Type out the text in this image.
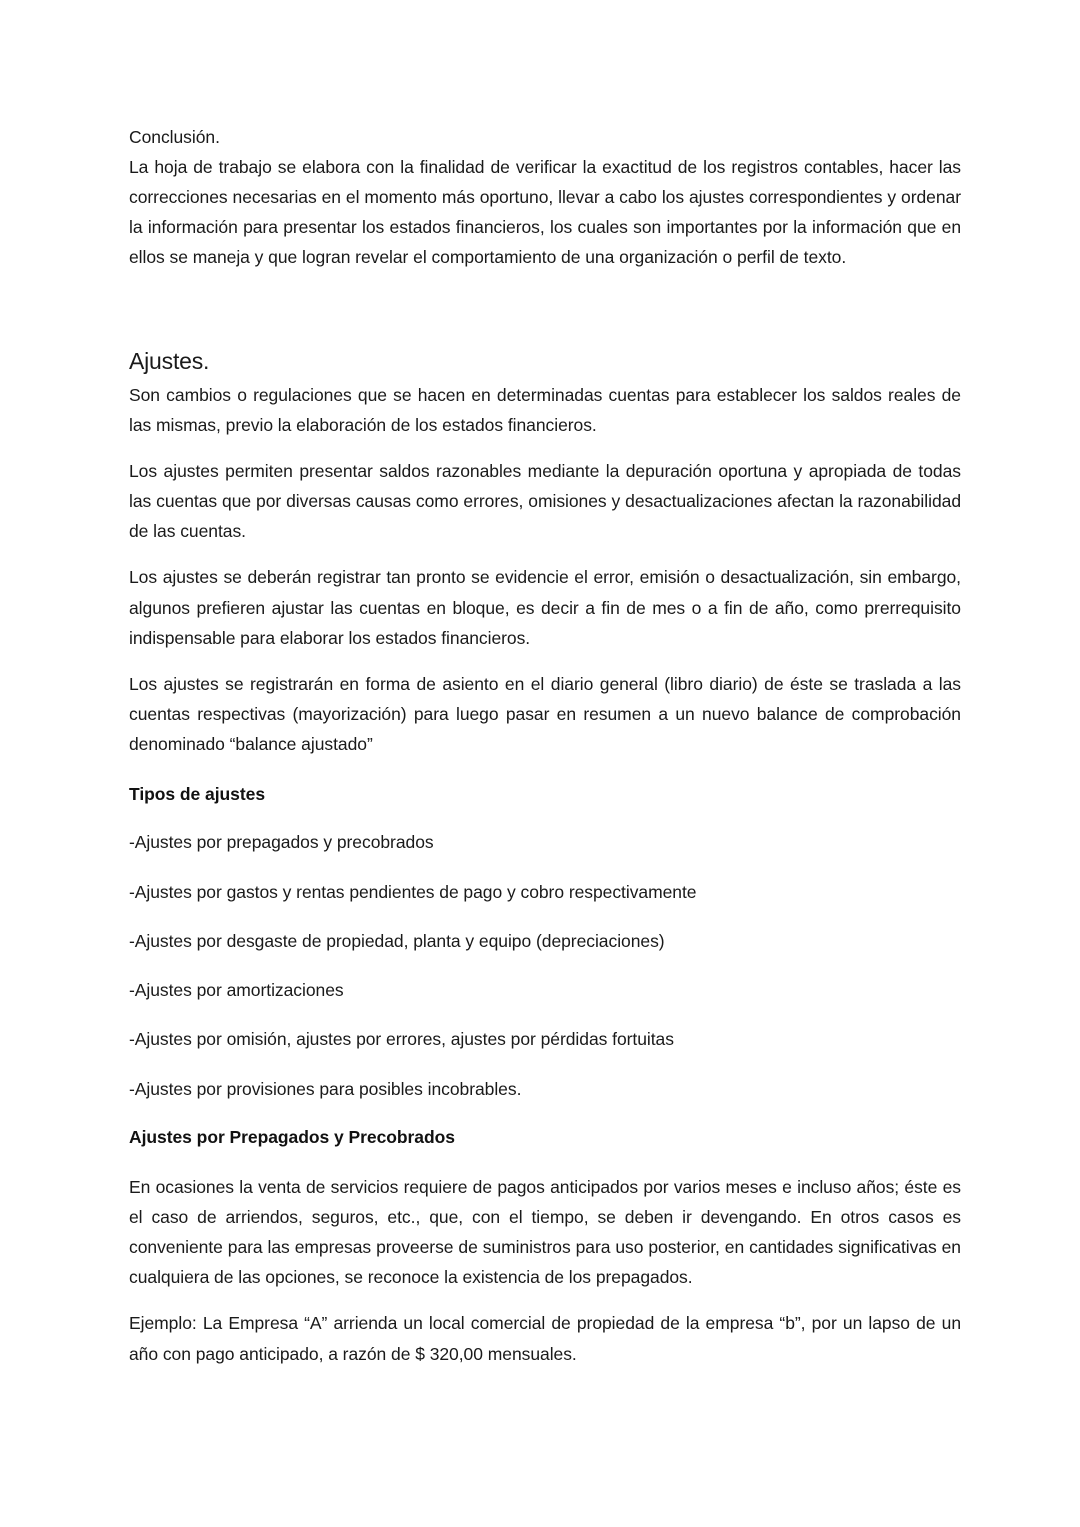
Conclusión.

La hoja de trabajo se elabora con la finalidad de verificar la exactitud de los registros contables, hacer las correcciones necesarias en el momento más oportuno, llevar a cabo los ajustes correspondientes y ordenar la información para presentar los estados financieros, los cuales son importantes por la información que en ellos se maneja y que logran revelar el comportamiento de una organización o perfil de texto.

Ajustes.

Son cambios o regulaciones que se hacen en determinadas cuentas para establecer los saldos reales de las mismas, previo la elaboración de los estados financieros.

Los ajustes permiten presentar saldos razonables mediante la depuración oportuna y apropiada de todas las cuentas que por diversas causas como errores, omisiones y desactualizaciones afectan la razonabilidad de las cuentas.

Los ajustes se deberán registrar tan pronto se evidencie el error, emisión o desactualización, sin embargo, algunos prefieren ajustar las cuentas en bloque, es decir a fin de mes o a fin de año, como prerrequisito indispensable para elaborar los estados financieros.

Los ajustes se registrarán en forma de asiento en el diario general (libro diario) de éste se traslada a las cuentas respectivas (mayorización) para luego pasar en resumen a un nuevo balance de comprobación denominado “balance ajustado”

Tipos de ajustes

-Ajustes por prepagados y precobrados

-Ajustes por gastos y rentas pendientes de pago y cobro respectivamente

-Ajustes por desgaste de propiedad, planta y equipo (depreciaciones)

-Ajustes por amortizaciones

-Ajustes por omisión, ajustes por errores, ajustes por pérdidas fortuitas

-Ajustes por provisiones para posibles incobrables.

Ajustes por Prepagados y Precobrados

En ocasiones la venta de servicios requiere de pagos anticipados por varios meses e incluso años; éste es el caso de arriendos, seguros, etc., que, con el tiempo, se deben ir devengando. En otros casos es conveniente para las empresas proveerse de suministros para uso posterior, en cantidades significativas en cualquiera de las opciones, se reconoce la existencia de los prepagados.

Ejemplo: La Empresa “A” arrienda un local comercial de propiedad de la empresa “b”, por un lapso de un año con pago anticipado, a razón de $ 320,00 mensuales.
